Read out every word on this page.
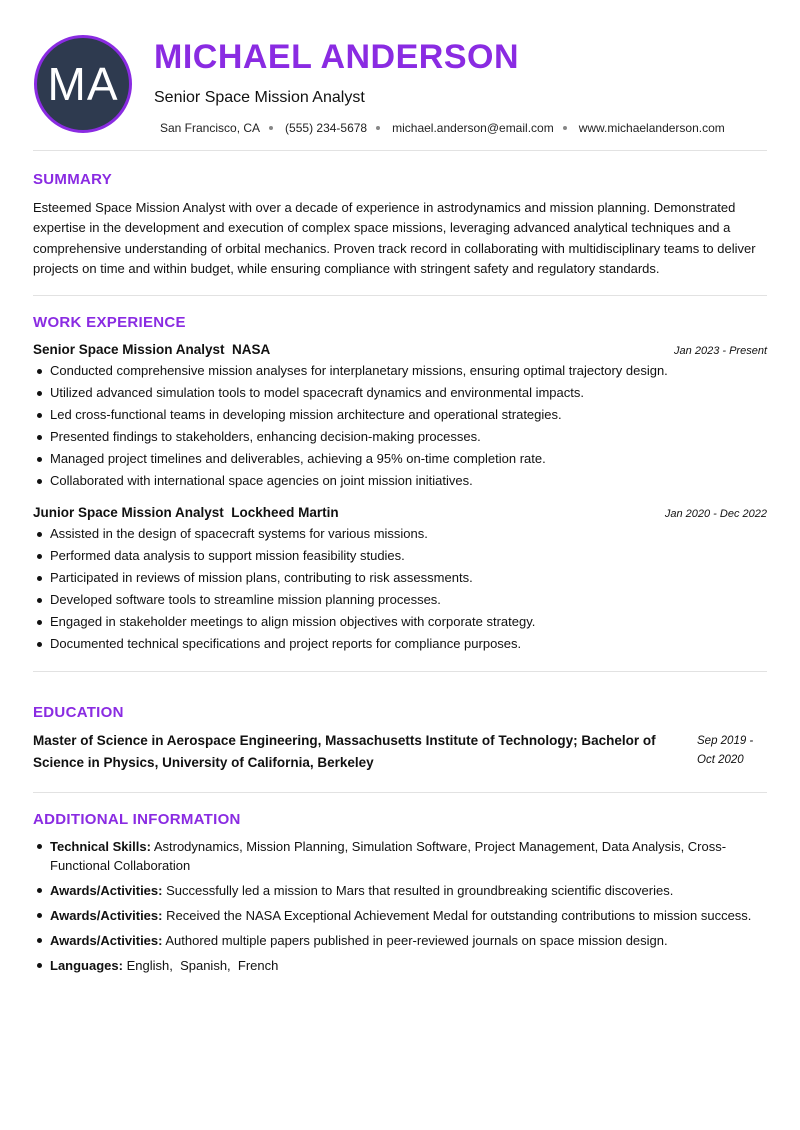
MA
MICHAEL ANDERSON
Senior Space Mission Analyst
San Francisco, CA (555) 234-5678 michael.anderson@email.com www.michaelanderson.com
SUMMARY

Esteemed Space Mission Analyst with over a decade of experience in astrodynamics and mission planning. Demonstrated expertise in the development and execution of complex space missions, leveraging advanced analytical techniques and a comprehensive understanding of orbital mechanics. Proven track record in collaborating with multidisciplinary teams to deliver projects on time and within budget, while ensuring compliance with stringent safety and regulatory standards.

WORK EXPERIENCE
Senior Space Mission Analyst  NASA	Jan 2023 - Present
Conducted comprehensive mission analyses for interplanetary missions, ensuring optimal trajectory design.
Utilized advanced simulation tools to model spacecraft dynamics and environmental impacts.
Led cross-functional teams in developing mission architecture and operational strategies.
Presented findings to stakeholders, enhancing decision-making processes.
Managed project timelines and deliverables, achieving a 95% on-time completion rate.
Collaborated with international space agencies on joint mission initiatives.
Junior Space Mission Analyst  Lockheed Martin	Jan 2020 - Dec 2022
Assisted in the design of spacecraft systems for various missions.
Performed data analysis to support mission feasibility studies.
Participated in reviews of mission plans, contributing to risk assessments.
Developed software tools to streamline mission planning processes.
Engaged in stakeholder meetings to align mission objectives with corporate strategy.
Documented technical specifications and project reports for compliance purposes.
EDUCATION
Master of Science in Aerospace Engineering, Massachusetts Institute of Technology; Bachelor of Science in Physics, University of California, Berkeley
Sep 2019 - Oct 2020
ADDITIONAL INFORMATION
Technical Skills: Astrodynamics, Mission Planning, Simulation Software, Project Management, Data Analysis, Cross-Functional Collaboration
Awards/Activities: Successfully led a mission to Mars that resulted in groundbreaking scientific discoveries.
Awards/Activities: Received the NASA Exceptional Achievement Medal for outstanding contributions to mission success.
Awards/Activities: Authored multiple papers published in peer-reviewed journals on space mission design.
Languages: English,  Spanish,  French
